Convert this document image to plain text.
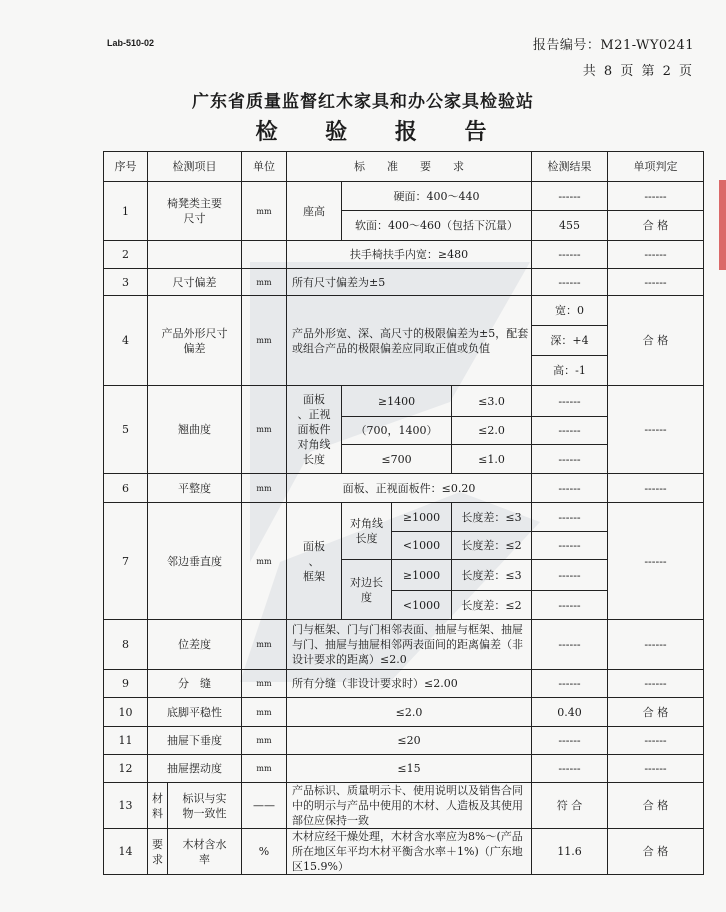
Lab-510-02	报告编号：M21-WY0241
共 8 页 第 2 页
广东省质量监督红木家具和办公家具检验站
检 验 报 告
序号	检测项目		单位	标　　准　　要　　求				检测结果	单项判定
1	椅凳类主要
尺寸		mm	座高	硬面：400～440			------	------
					软面：400～460（包括下沉量）			455	合 格
2				扶手椅扶手内宽：≥480				------	------
3	尺寸偏差		mm	所有尺寸偏差为±5				------	------
4	产品外形尺寸
偏差		mm	产品外形宽、深、高尺寸的极限偏差为±5，配套或组合产品的极限偏差应同取正值或负值				宽：0	合 格
								深：+4	
								高：-1	
5	翘曲度		mm	面板
、正视
面板件
对角线
长度	≥1400		≤3.0	------	------
					（700，1400）		≤2.0	------	
					≤700		≤1.0	------	
6	平整度		mm	面板、正视面板件：≤0.20				------	------
7	邻边垂直度		mm	面板
、
框架	对角线
长度	≥1000	长度差：≤3	------	------
						<1000	长度差：≤2	------	
					对边长
度	≥1000	长度差：≤3	------	
						<1000	长度差：≤2	------	
8	位差度		mm	门与框架、门与门相邻表面、抽屉与框架、抽屉与门、抽屉与抽屉相邻两表面间的距离偏差（非设计要求的距离）≤2.0				------	------
9	分　缝		mm	所有分缝（非设计要求时）≤2.00				------	------
10	底脚平稳性		mm	≤2.0				0.40	合 格
11	抽屉下垂度		mm	≤20				------	------
12	抽屉摆动度		mm	≤15				------	------
13	材
料	标识与实
物一致性	——	产品标识、质量明示卡、使用说明以及销售合同中的明示与产品中使用的木材、人造板及其使用部位应保持一致				符 合	合 格
14	要
求	木材含水
率	%	木材应经干燥处理，木材含水率应为8%～(产品所在地区年平均木材平衡含水率＋1%)（广东地区15.9%）				11.6	合 格
